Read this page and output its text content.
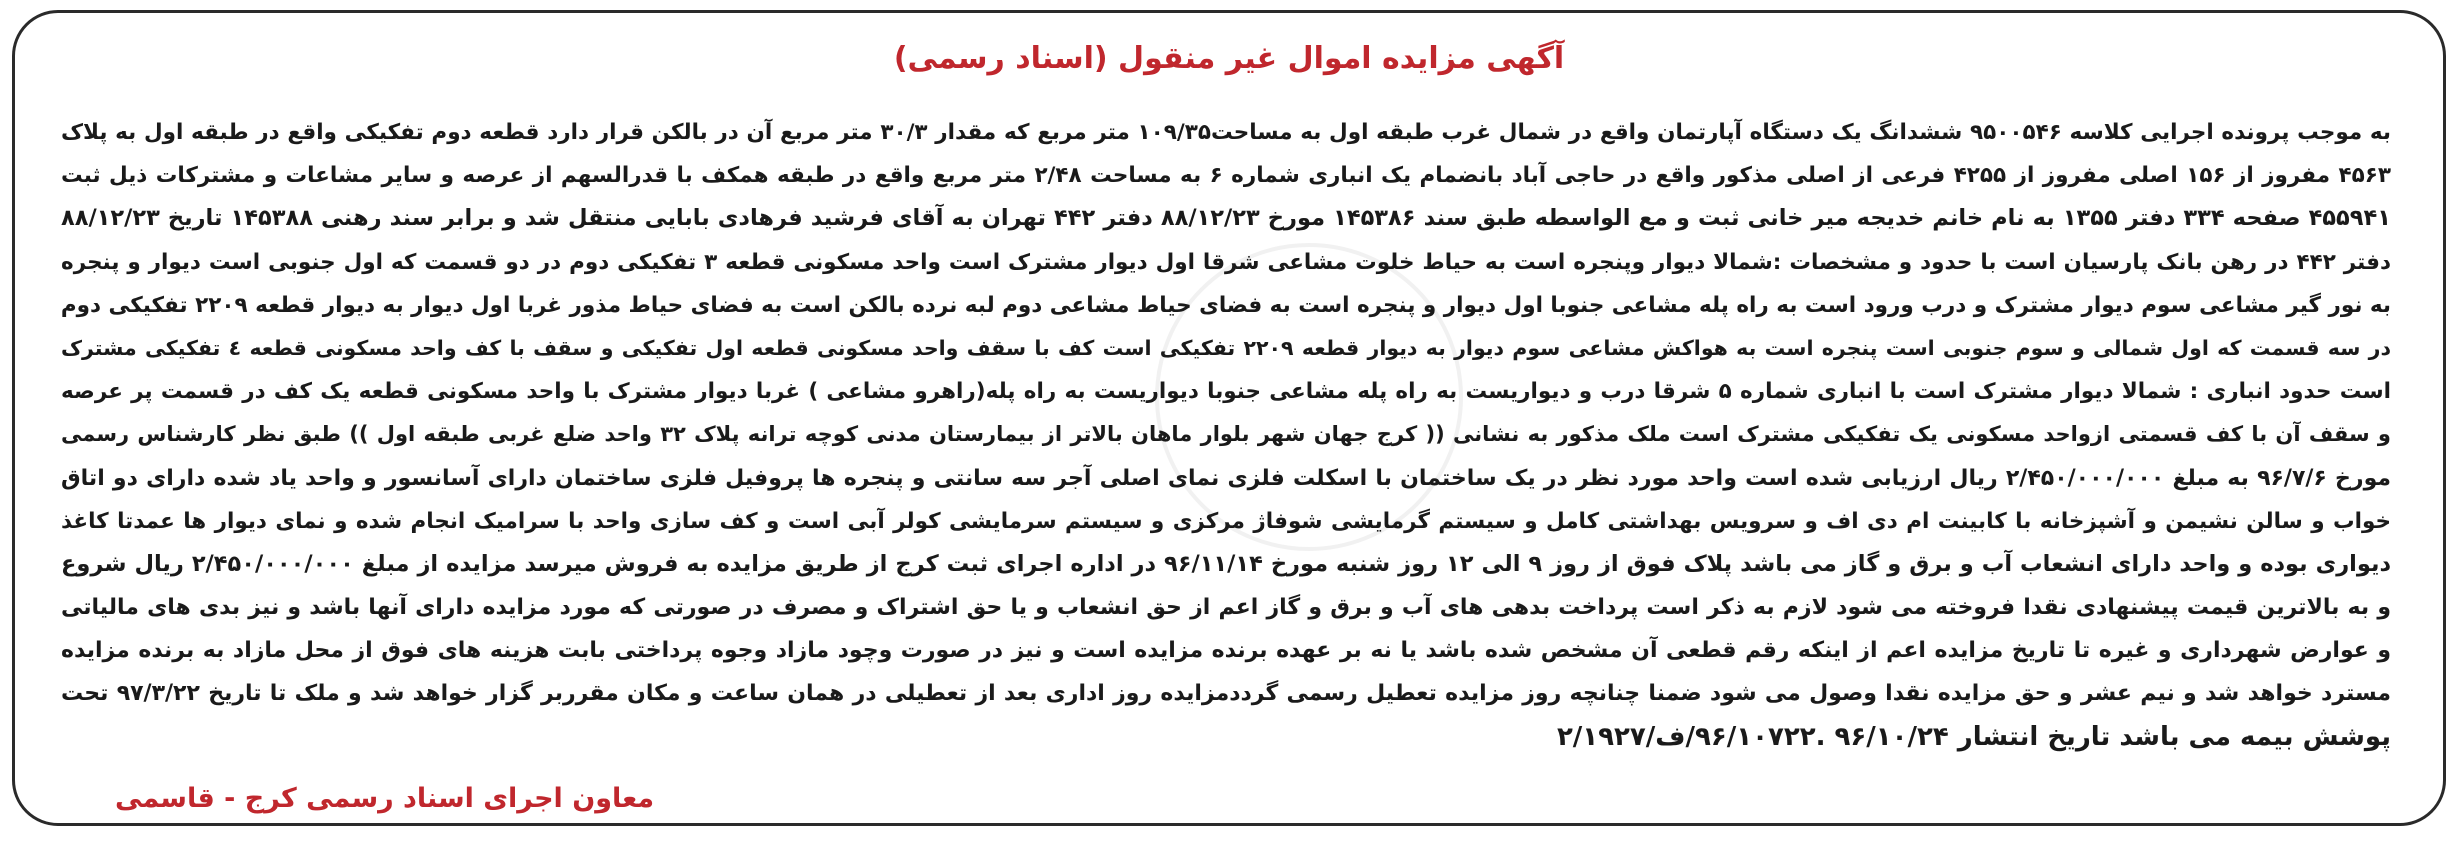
آگهی مزایده اموال غیر منقول (اسناد رسمی)
به موجب پرونده اجرایی کلاسه ۹۵۰۰۵۴۶ ششدانگ یک دستگاه آپارتمان واقع در شمال غرب طبقه اول به مساحت۱۰۹/۳۵ متر مربع که مقدار ۳۰/۳ متر مربع آن در بالکن قرار دارد قطعه دوم تفکیکی واقع در طبقه اول به پلاک
۴۵۶۳ مفروز از ۱۵۶ اصلی مفروز از ۴۲۵۵ فرعی از اصلی مذکور واقع در حاجی آباد بانضمام یک انباری شماره ۶ به مساحت ۲/۴۸ متر مربع واقع در طبقه همکف با قدرالسهم از عرصه و سایر مشاعات و مشترکات ذیل ثبت
۴۵۵۹۴۱ صفحه ۳۳۴ دفتر ۱۳۵۵ به نام خانم خدیجه میر خانی ثبت و مع الواسطه طبق سند ۱۴۵۳۸۶ مورخ ۸۸/۱۲/۲۳ دفتر ۴۴۲ تهران به آقای فرشید فرهادی بابایی منتقل شد و برابر سند رهنی ۱۴۵۳۸۸ تاریخ ۸۸/۱۲/۲۳
دفتر ۴۴۲ در رهن بانک پارسیان است با حدود و مشخصات :شمالا دیوار وپنجره است به حیاط خلوت مشاعی شرقا اول دیوار مشترک است واحد مسکونی قطعه ۳ تفکیکی دوم در دو قسمت که اول جنوبی است دیوار و پنجره
به نور گیر مشاعی سوم دیوار مشترک و درب ورود است به راه پله مشاعی جنوبا اول دیوار و پنجره است به فضای حیاط مشاعی دوم لبه نرده بالکن است به فضای حیاط مذور غربا اول دیوار به دیوار قطعه ۲۲۰۹ تفکیکی دوم
در سه قسمت که اول شمالی و سوم جنوبی است پنجره است به هواکش مشاعی سوم دیوار به دیوار قطعه ۲۲۰۹ تفکیکی است کف با سقف واحد مسکونی قطعه اول تفکیکی و سقف با کف واحد مسکونی قطعه ٤ تفکیکی مشترک
است حدود انباری : شمالا دیوار مشترک است با انباری شماره ۵ شرقا درب و دیواریست به راه پله مشاعی جنوبا دیواریست به راه پله(راهرو مشاعی ) غربا دیوار مشترک با واحد مسکونی قطعه یک کف در قسمت پر عرصه
و سقف آن با کف قسمتی ازواحد مسکونی یک تفکیکی مشترک است ملک مذکور به نشانی (( کرج جهان شهر بلوار ماهان بالاتر از بیمارستان مدنی کوچه ترانه پلاک ۳۲ واحد ضلع غربی طبقه اول )) طبق نظر کارشناس رسمی
مورخ ۹۶/۷/۶ به مبلغ ۲/۴۵۰/۰۰۰/۰۰۰ ریال ارزیابی شده است واحد مورد نظر در یک ساختمان با اسکلت فلزی نمای اصلی آجر سه سانتی و پنجره ها پروفیل فلزی ساختمان دارای آسانسور و واحد یاد شده دارای دو اتاق
خواب و سالن نشیمن و آشپزخانه با کابینت ام دی اف و سرویس بهداشتی کامل و سیستم گرمایشی شوفاژ مرکزی و سیستم سرمایشی کولر آبی است و کف سازی واحد با سرامیک انجام شده و نمای دیوار ها عمدتا کاغذ
دیواری بوده و واحد دارای انشعاب آب و برق و گاز می باشد پلاک فوق از روز ۹ الی ۱۲ روز شنبه مورخ ۹۶/۱۱/۱۴ در اداره اجرای ثبت کرج از طریق مزایده به فروش میرسد مزایده از مبلغ ۲/۴۵۰/۰۰۰/۰۰۰ ریال شروع
و به بالاترین قیمت پیشنهادی نقدا فروخته می شود لازم به ذکر است پرداخت بدهی های آب و برق و گاز اعم از حق انشعاب و یا حق اشتراک و مصرف در صورتی که مورد مزایده دارای آنها باشد و نیز بدی های مالیاتی
و عوارض شهرداری و غیره تا تاریخ مزایده اعم از اینکه رقم قطعی آن مشخص شده باشد یا نه بر عهده برنده مزایده است و نیز در صورت وچود مازاد وجوه پرداختی بابت هزینه های فوق از محل مازاد به برنده مزایده
مسترد خواهد شد و نیم عشر و حق مزایده نقدا وصول می شود ضمنا چنانچه روز مزایده تعطیل رسمی گرددمزایده روز اداری بعد از تعطیلی در همان ساعت و مکان مقرربر گزار خواهد شد و ملک تا تاریخ ۹۷/۳/۲۲ تحت
پوشش بیمه می باشد تاریخ انتشار ۹۶/۱۰/۲۴ .۹۶/۱۰۷۲۲/ف/۲/۱۹۲۷
معاون اجرای اسناد رسمی کرج - قاسمی
